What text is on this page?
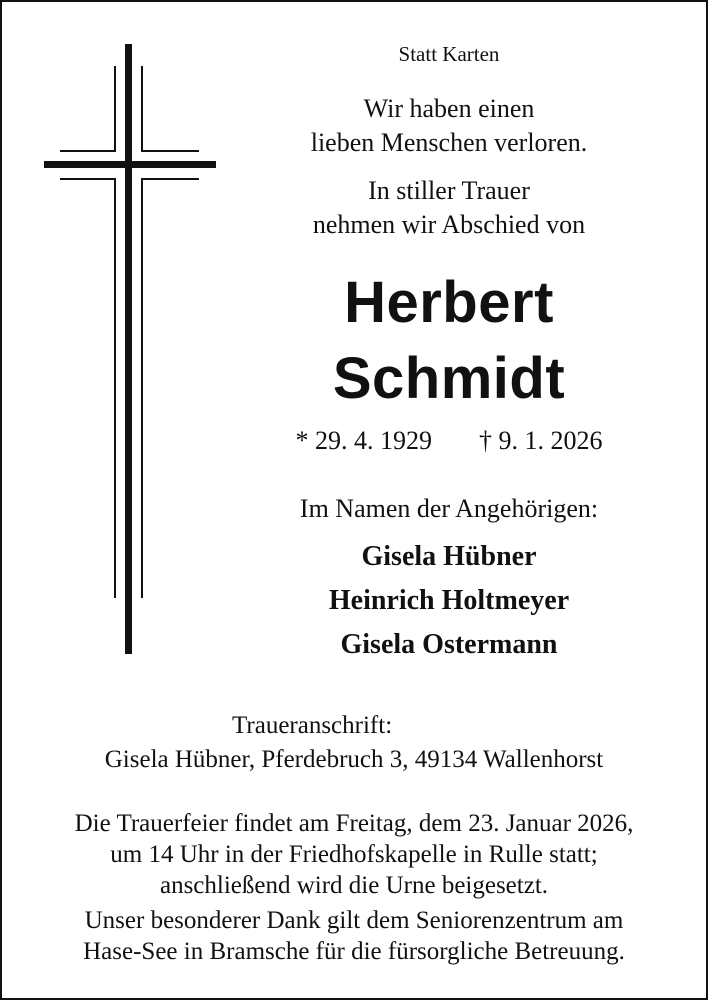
Statt Karten
Wir haben einen
lieben Menschen verloren.
In stiller Trauer
nehmen wir Abschied von
Herbert
Schmidt
* 29. 4. 1929 † 9. 1. 2026
Im Namen der Angehörigen:
Gisela Hübner
Heinrich Holtmeyer
Gisela Ostermann
Traueranschrift:
Gisela Hübner, Pferdebruch 3, 49134 Wallenhorst
Die Trauerfeier findet am Freitag, dem 23. Januar 2026,
um 14 Uhr in der Friedhofskapelle in Rulle statt;
anschließend wird die Urne beigesetzt.
Unser besonderer Dank gilt dem Seniorenzentrum am
Hase-See in Bramsche für die fürsorgliche Betreuung.
